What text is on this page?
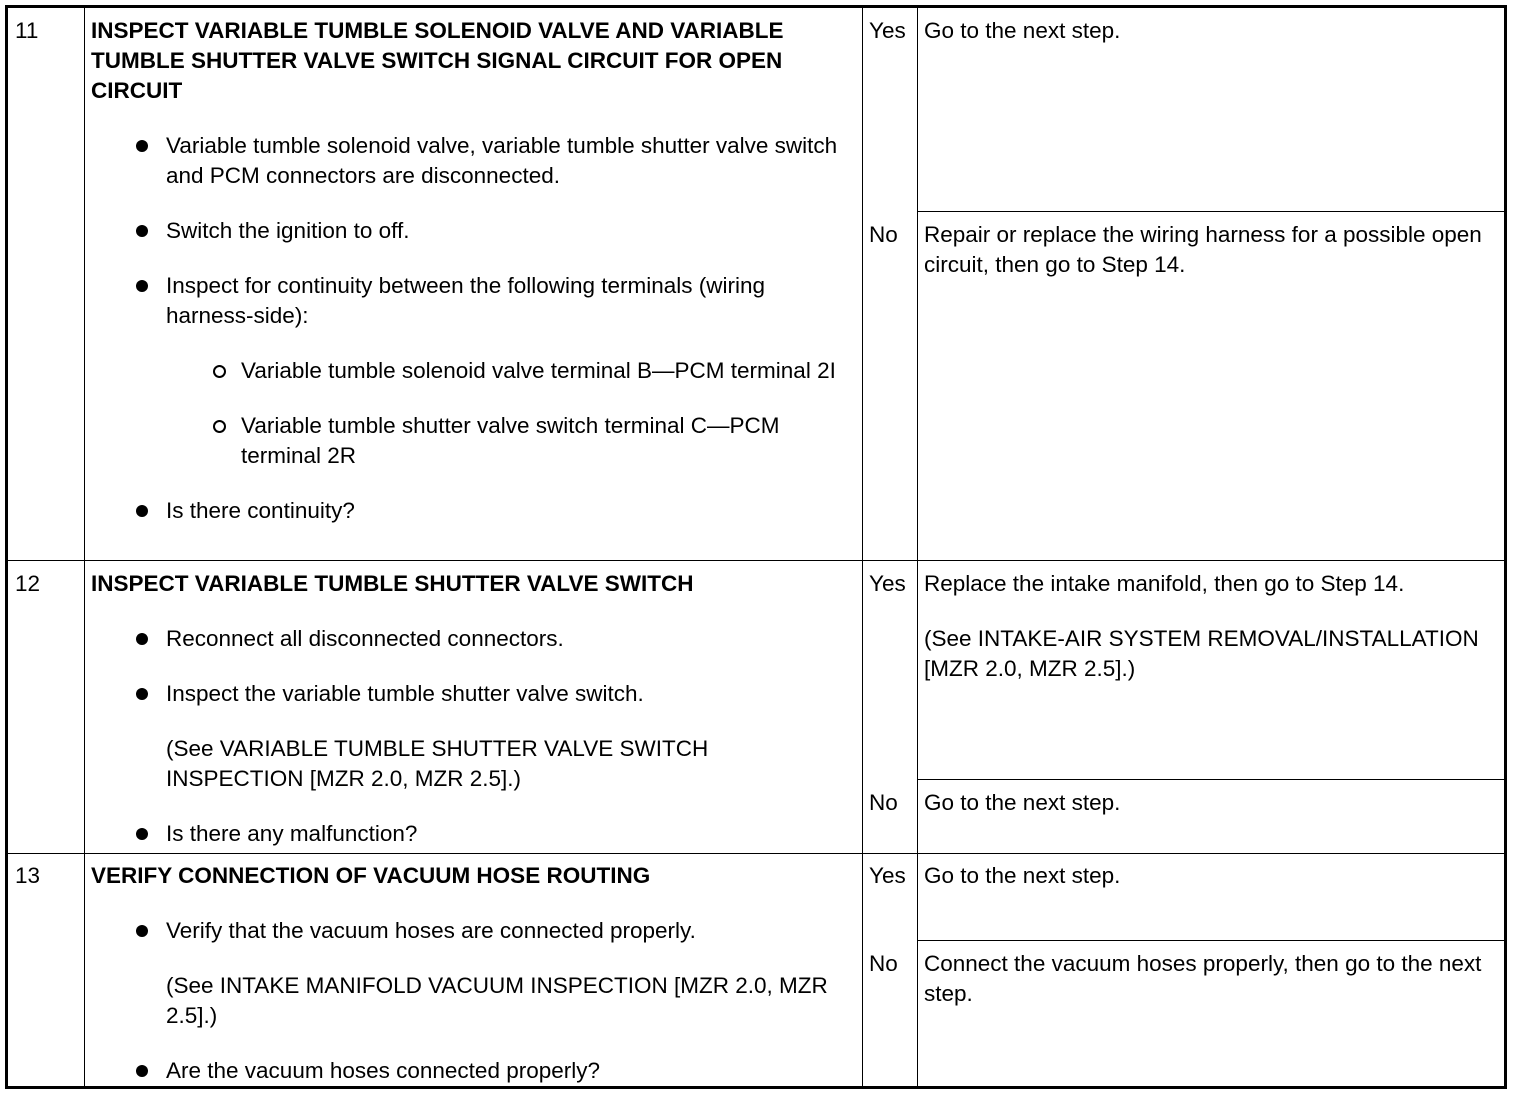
11	INSPECT VARIABLE TUMBLE SOLENOID VALVE AND VARIABLE TUMBLE SHUTTER VALVE SWITCH SIGNAL CIRCUIT FOR OPEN CIRCUIT

Variable tumble solenoid valve, variable tumble shutter valve switch and PCM connectors are disconnected.
Switch the ignition to off.
Inspect for continuity between the following terminals (wiring harness-side):
Variable tumble solenoid valve terminal B—PCM terminal 2I
Variable tumble shutter valve switch terminal C—PCM terminal 2R
Is there continuity?
Yes Go to the next step.

No	Repair or replace the wiring harness for a possible open circuit, then go to Step 14.

12	INSPECT VARIABLE TUMBLE SHUTTER VALVE SWITCH

Reconnect all disconnected connectors.
Inspect the variable tumble shutter valve switch.

(See VARIABLE TUMBLE SHUTTER VALVE SWITCH INSPECTION [MZR 2.0, MZR 2.5].)

Is there any malfunction?
Yes Replace the intake manifold, then go to Step 14.

(See INTAKE-AIR SYSTEM REMOVAL/INSTALLATION [MZR 2.0, MZR 2.5].)

No	Go to the next step.

13	VERIFY CONNECTION OF VACUUM HOSE ROUTING

Verify that the vacuum hoses are connected properly.

(See INTAKE MANIFOLD VACUUM INSPECTION [MZR 2.0, MZR 2.5].)

Are the vacuum hoses connected properly?
Yes Go to the next step.

No	Connect the vacuum hoses properly, then go to the next step.
